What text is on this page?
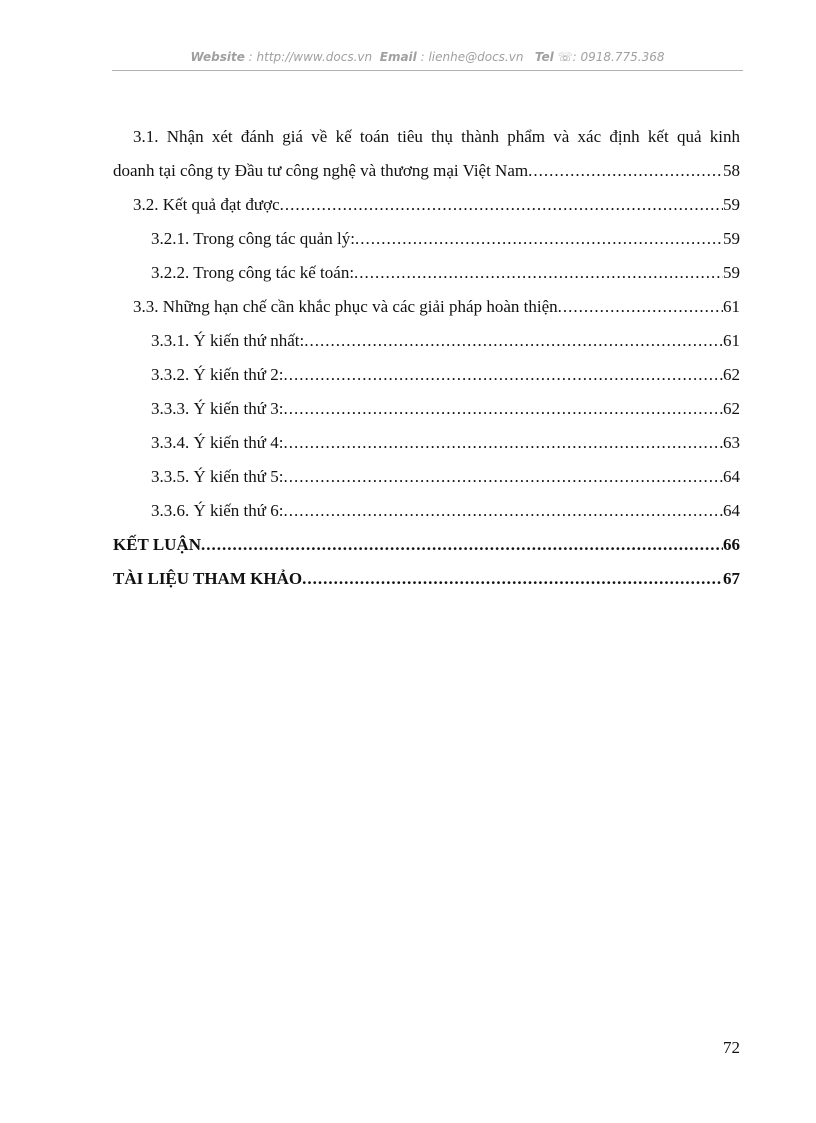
Website : http://www.docs.vn Email : lienhe@docs.vn Tel ☏: 0918.775.368
3.1. Nhận xét đánh giá về kế toán tiêu thụ thành phẩm và xác định kết quả kinh
doanh tại công ty Đầu tư công nghệ và thương mại Việt Nam .....	58
3.2. Kết quả đạt được .....	59
3.2.1. Trong công tác quản lý: .....	59
3.2.2. Trong công tác kế toán: .....	59
3.3. Những hạn chế cần khắc phục và các giải pháp hoàn thiện .....	61
3.3.1. Ý kiến thứ nhất: .....	61
3.3.2. Ý kiến thứ 2: .....	62
3.3.3. Ý kiến thứ 3: .....	62
3.3.4. Ý kiến thứ 4: .....	63
3.3.5. Ý kiến thứ 5: .....	64
3.3.6. Ý kiến thứ 6: .....	64
KẾT LUẬN .....	66
TÀI LIỆU THAM KHẢO .....	67
72
